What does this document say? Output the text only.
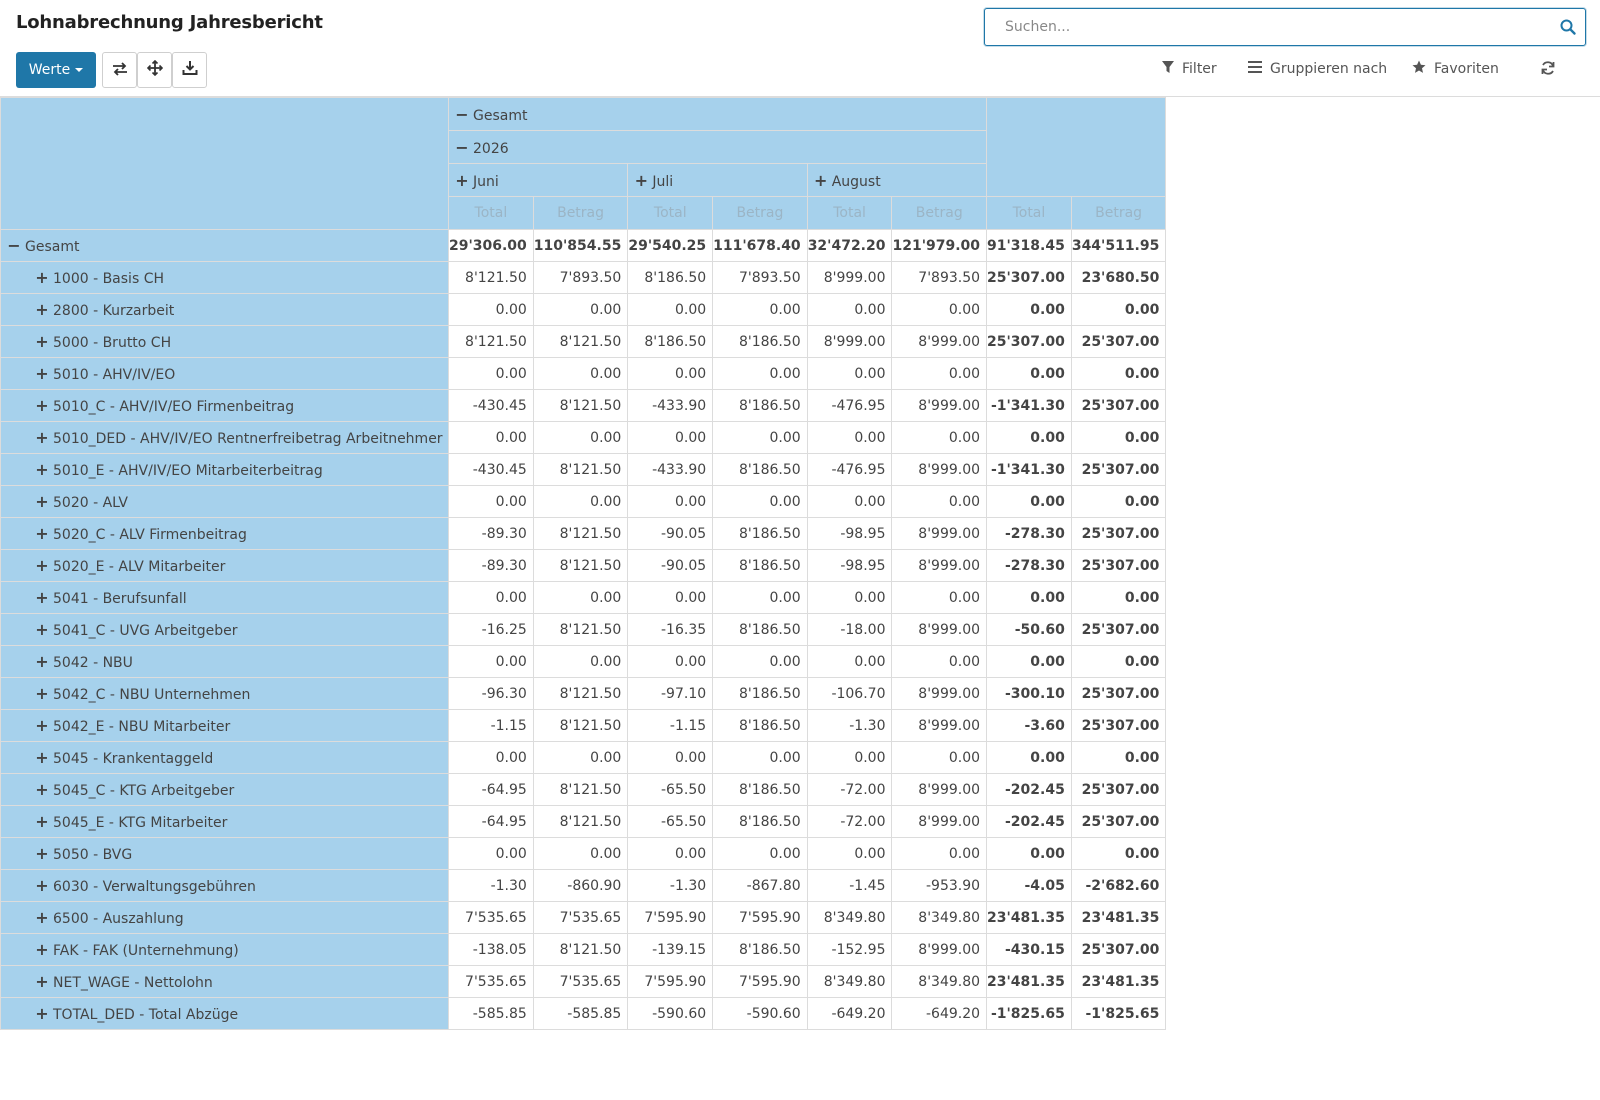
Lohnabrechnung Jahresbericht
Suchen...
Werte	Filter	Gruppieren nach	Favoriten
	− Gesamt							
	− 2026							
	+ Juni		+ Juli		+ August			
	Total	Betrag	Total	Betrag	Total	Betrag	Total	Betrag
− Gesamt	29'306.00	110'854.55	29'540.25	111'678.40	32'472.20	121'979.00	91'318.45	344'511.95
+ 1000 - Basis CH	8'121.50	7'893.50	8'186.50	7'893.50	8'999.00	7'893.50	25'307.00	23'680.50
+ 2800 - Kurzarbeit	0.00	0.00	0.00	0.00	0.00	0.00	0.00	0.00
+ 5000 - Brutto CH	8'121.50	8'121.50	8'186.50	8'186.50	8'999.00	8'999.00	25'307.00	25'307.00
+ 5010 - AHV/IV/EO	0.00	0.00	0.00	0.00	0.00	0.00	0.00	0.00
+ 5010_C - AHV/IV/EO Firmenbeitrag	-430.45	8'121.50	-433.90	8'186.50	-476.95	8'999.00	-1'341.30	25'307.00
+ 5010_DED - AHV/IV/EO Rentnerfreibetrag Arbeitnehmer	0.00	0.00	0.00	0.00	0.00	0.00	0.00	0.00
+ 5010_E - AHV/IV/EO Mitarbeiterbeitrag	-430.45	8'121.50	-433.90	8'186.50	-476.95	8'999.00	-1'341.30	25'307.00
+ 5020 - ALV	0.00	0.00	0.00	0.00	0.00	0.00	0.00	0.00
+ 5020_C - ALV Firmenbeitrag	-89.30	8'121.50	-90.05	8'186.50	-98.95	8'999.00	-278.30	25'307.00
+ 5020_E - ALV Mitarbeiter	-89.30	8'121.50	-90.05	8'186.50	-98.95	8'999.00	-278.30	25'307.00
+ 5041 - Berufsunfall	0.00	0.00	0.00	0.00	0.00	0.00	0.00	0.00
+ 5041_C - UVG Arbeitgeber	-16.25	8'121.50	-16.35	8'186.50	-18.00	8'999.00	-50.60	25'307.00
+ 5042 - NBU	0.00	0.00	0.00	0.00	0.00	0.00	0.00	0.00
+ 5042_C - NBU Unternehmen	-96.30	8'121.50	-97.10	8'186.50	-106.70	8'999.00	-300.10	25'307.00
+ 5042_E - NBU Mitarbeiter	-1.15	8'121.50	-1.15	8'186.50	-1.30	8'999.00	-3.60	25'307.00
+ 5045 - Krankentaggeld	0.00	0.00	0.00	0.00	0.00	0.00	0.00	0.00
+ 5045_C - KTG Arbeitgeber	-64.95	8'121.50	-65.50	8'186.50	-72.00	8'999.00	-202.45	25'307.00
+ 5045_E - KTG Mitarbeiter	-64.95	8'121.50	-65.50	8'186.50	-72.00	8'999.00	-202.45	25'307.00
+ 5050 - BVG	0.00	0.00	0.00	0.00	0.00	0.00	0.00	0.00
+ 6030 - Verwaltungsgebühren	-1.30	-860.90	-1.30	-867.80	-1.45	-953.90	-4.05	-2'682.60
+ 6500 - Auszahlung	7'535.65	7'535.65	7'595.90	7'595.90	8'349.80	8'349.80	23'481.35	23'481.35
+ FAK - FAK (Unternehmung)	-138.05	8'121.50	-139.15	8'186.50	-152.95	8'999.00	-430.15	25'307.00
+ NET_WAGE - Nettolohn	7'535.65	7'535.65	7'595.90	7'595.90	8'349.80	8'349.80	23'481.35	23'481.35
+ TOTAL_DED - Total Abzüge	-585.85	-585.85	-590.60	-590.60	-649.20	-649.20	-1'825.65	-1'825.65
